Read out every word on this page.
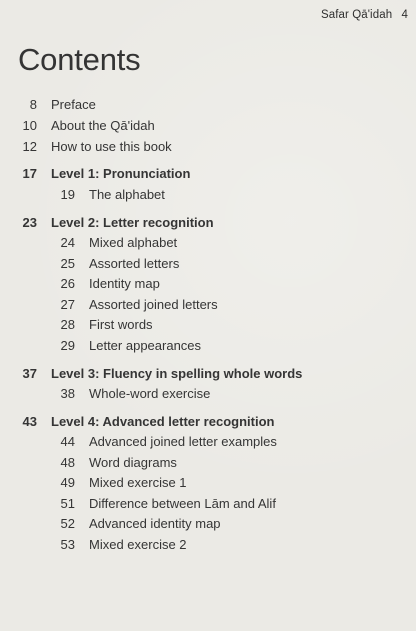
Safar Qā'idah 4
Contents
8 Preface
10 About the Qā'idah
12 How to use this book
17 Level 1: Pronunciation
19 The alphabet
23 Level 2: Letter recognition
24 Mixed alphabet
25 Assorted letters
26 Identity map
27 Assorted joined letters
28 First words
29 Letter appearances
37 Level 3: Fluency in spelling whole words
38 Whole-word exercise
43 Level 4: Advanced letter recognition
44 Advanced joined letter examples
48 Word diagrams
49 Mixed exercise 1
51 Difference between Lām and Alif
52 Advanced identity map
53 Mixed exercise 2
